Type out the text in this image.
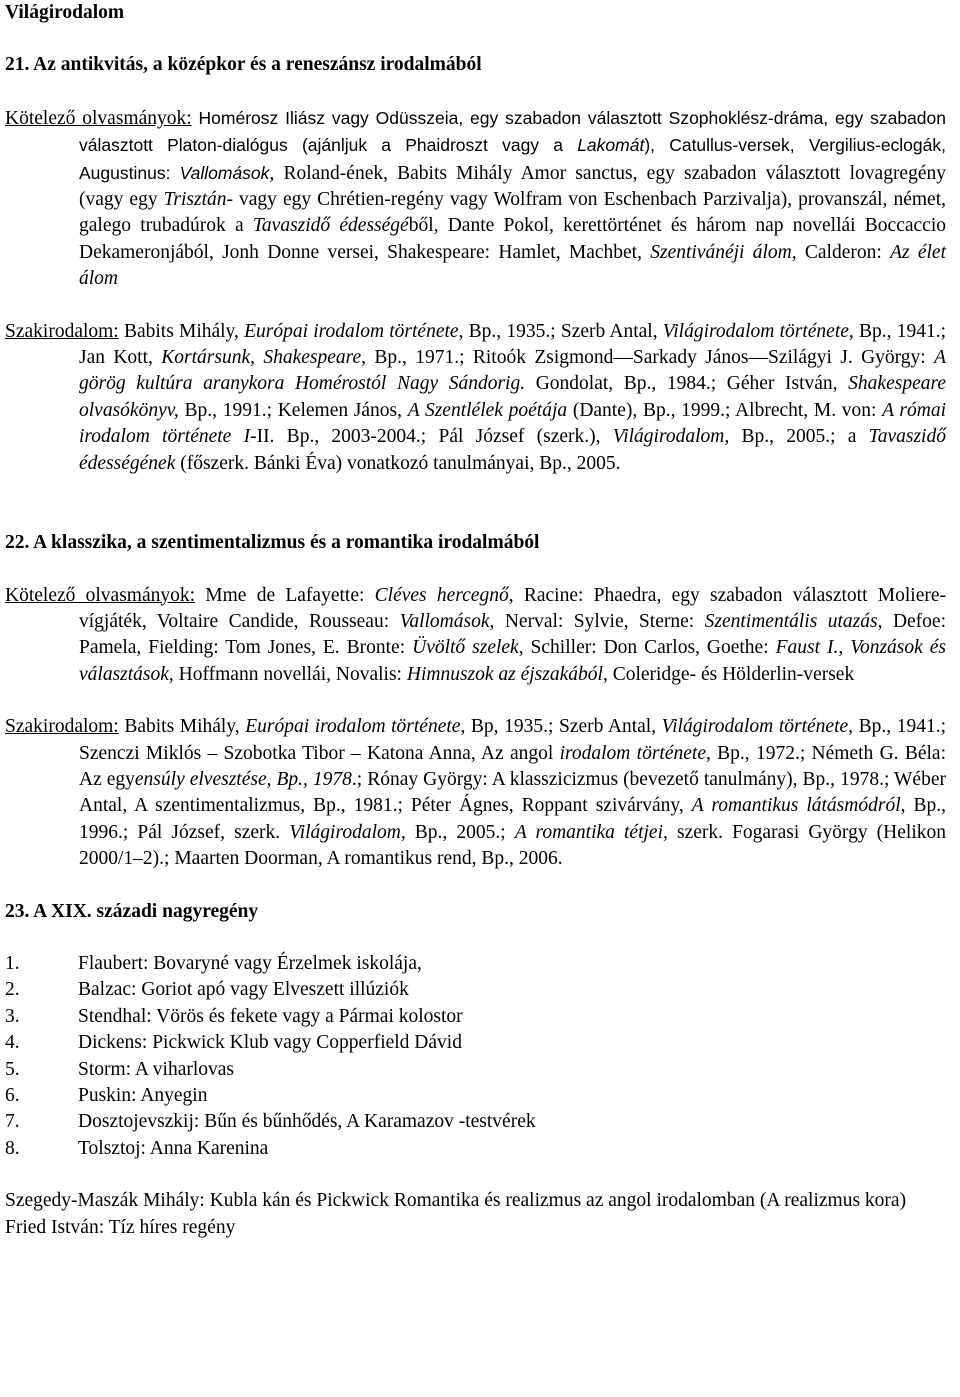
Világirodalom
21. Az antikvitás, a középkor és a reneszánsz irodalmából

Kötelező olvasmányok: Homérosz Iliász vagy Odüsszeia, egy szabadon választott Szophoklész-dráma, egy szabadon választott Platon-dialógus (ajánljuk a Phaidroszt vagy a Lakomát), Catullus-versek, Vergilius-eclogák, Augustinus: Vallomások, Roland-ének, Babits Mihály Amor sanctus, egy szabadon választott lovagregény (vagy egy Trisztán- vagy egy Chrétien-regény vagy Wolfram von Eschenbach Parzivalja), provanszál, német, galego trubadúrok a Tavaszidő édességéből, Dante Pokol, kerettörténet és három nap novellái Boccaccio Dekameronjából, Jonh Donne versei, Shakespeare: Hamlet, Machbet, Szentivánéji álom, Calderon: Az élet álom

Szakirodalom: Babits Mihály, Európai irodalom története, Bp., 1935.; Szerb Antal, Világirodalom története, Bp., 1941.; Jan Kott, Kortársunk, Shakespeare, Bp., 1971.; Ritoók Zsigmond—Sarkady János—Szilágyi J. György: A görög kultúra aranykora Homérostól Nagy Sándorig. Gondolat, Bp., 1984.; Géher István, Shakespeare olvasókönyv, Bp., 1991.; Kelemen János, A Szentlélek poétája (Dante), Bp., 1999.; Albrecht, M. von: A római irodalom története I-II. Bp., 2003-2004.; Pál József (szerk.), Világirodalom, Bp., 2005.; a Tavaszidő édességének (főszerk. Bánki Éva) vonatkozó tanulmányai, Bp., 2005.

22. A klasszika, a szentimentalizmus és a romantika irodalmából

Kötelező olvasmányok: Mme de Lafayette: Cléves hercegnő, Racine: Phaedra, egy szabadon választott Moliere-vígjáték, Voltaire Candide, Rousseau: Vallomások, Nerval: Sylvie, Sterne: Szentimentális utazás, Defoe: Pamela, Fielding: Tom Jones, E. Bronte: Üvöltő szelek, Schiller: Don Carlos, Goethe: Faust I., Vonzások és választások, Hoffmann novellái, Novalis: Himnuszok az éjszakából, Coleridge- és Hölderlin-versek

Szakirodalom: Babits Mihály, Európai irodalom története, Bp, 1935.; Szerb Antal, Világirodalom története, Bp., 1941.; Szenczi Miklós – Szobotka Tibor – Katona Anna, Az angol irodalom története, Bp., 1972.; Németh G. Béla: Az egyensúly elvesztése, Bp., 1978.; Rónay György: A klasszicizmus (bevezető tanulmány), Bp., 1978.; Wéber Antal, A szentimentalizmus, Bp., 1981.; Péter Ágnes, Roppant szivárvány, A romantikus látásmódról, Bp., 1996.; Pál József, szerk. Világirodalom, Bp., 2005.; A romantika tétjei, szerk. Fogarasi György (Helikon 2000/1–2).; Maarten Doorman, A romantikus rend, Bp., 2006.

23. A XIX. századi nagyregény
1.	Flaubert: Bovaryné vagy Érzelmek iskolája,
2.	Balzac: Goriot apó vagy Elveszett illúziók
3.	Stendhal: Vörös és fekete vagy a Pármai kolostor
4.	Dickens: Pickwick Klub vagy Copperfield Dávid
5.	Storm: A viharlovas
6.	Puskin: Anyegin
7.	Dosztojevszkij: Bűn és bűnhődés, A Karamazov -testvérek
8.	Tolsztoj: Anna Karenina

Szegedy-Maszák Mihály: Kubla kán és Pickwick Romantika és realizmus az angol irodalomban (A realizmus kora)

Fried István: Tíz híres regény
